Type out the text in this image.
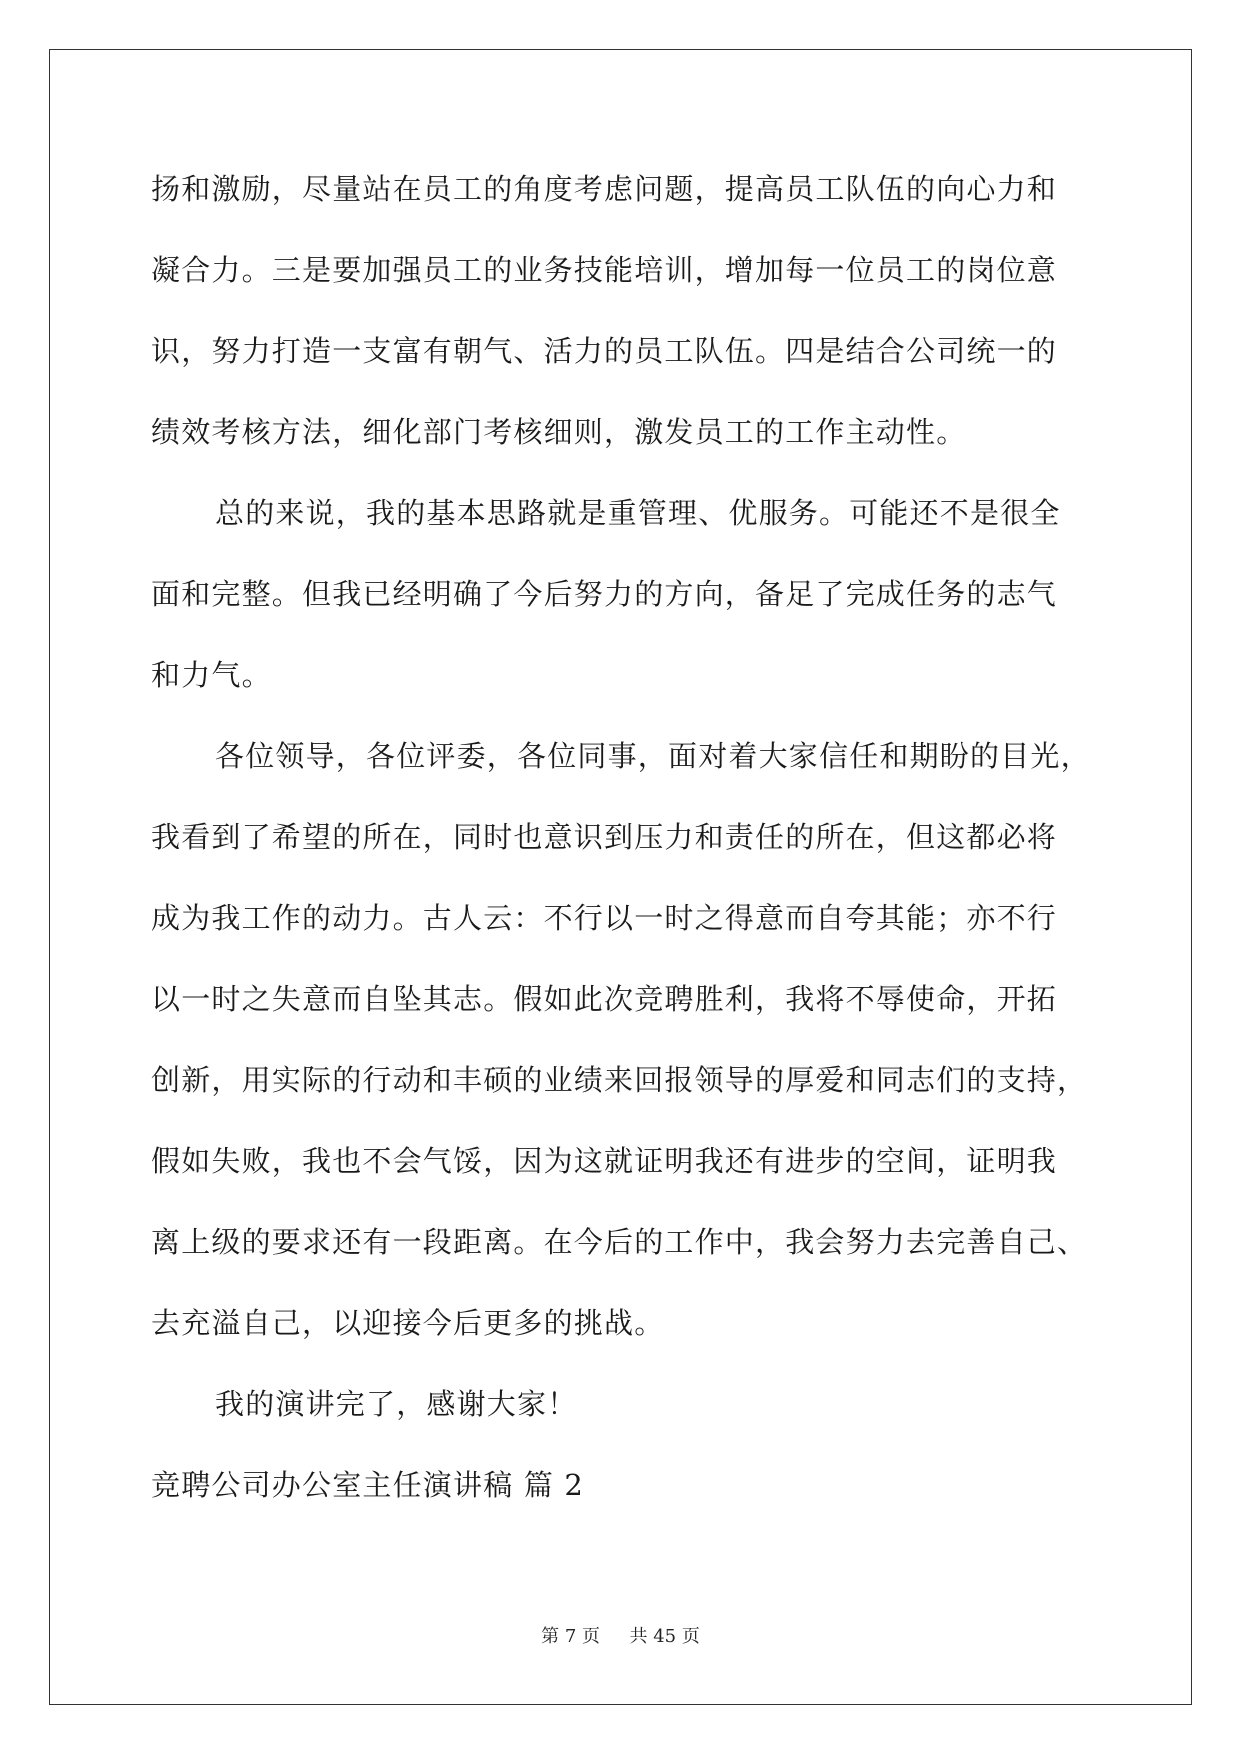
扬和激励，尽量站在员工的角度考虑问题，提高员工队伍的向心力和
凝合力。三是要加强员工的业务技能培训，增加每一位员工的岗位意
识，努力打造一支富有朝气、活力的员工队伍。四是结合公司统一的
绩效考核方法，细化部门考核细则，激发员工的工作主动性。
总的来说，我的基本思路就是重管理、优服务。可能还不是很全
面和完整。但我已经明确了今后努力的方向，备足了完成任务的志气
和力气。
各位领导，各位评委，各位同事，面对着大家信任和期盼的目光，
我看到了希望的所在，同时也意识到压力和责任的所在，但这都必将
成为我工作的动力。古人云：不行以一时之得意而自夸其能；亦不行
以一时之失意而自坠其志。假如此次竞聘胜利，我将不辱使命，开拓
创新，用实际的行动和丰硕的业绩来回报领导的厚爱和同志们的支持，
假如失败，我也不会气馁，因为这就证明我还有进步的空间，证明我
离上级的要求还有一段距离。在今后的工作中，我会努力去完善自己、
去充溢自己，以迎接今后更多的挑战。
我的演讲完了，感谢大家！
竞聘公司办公室主任演讲稿 篇 2
第 7 页 共 45 页
